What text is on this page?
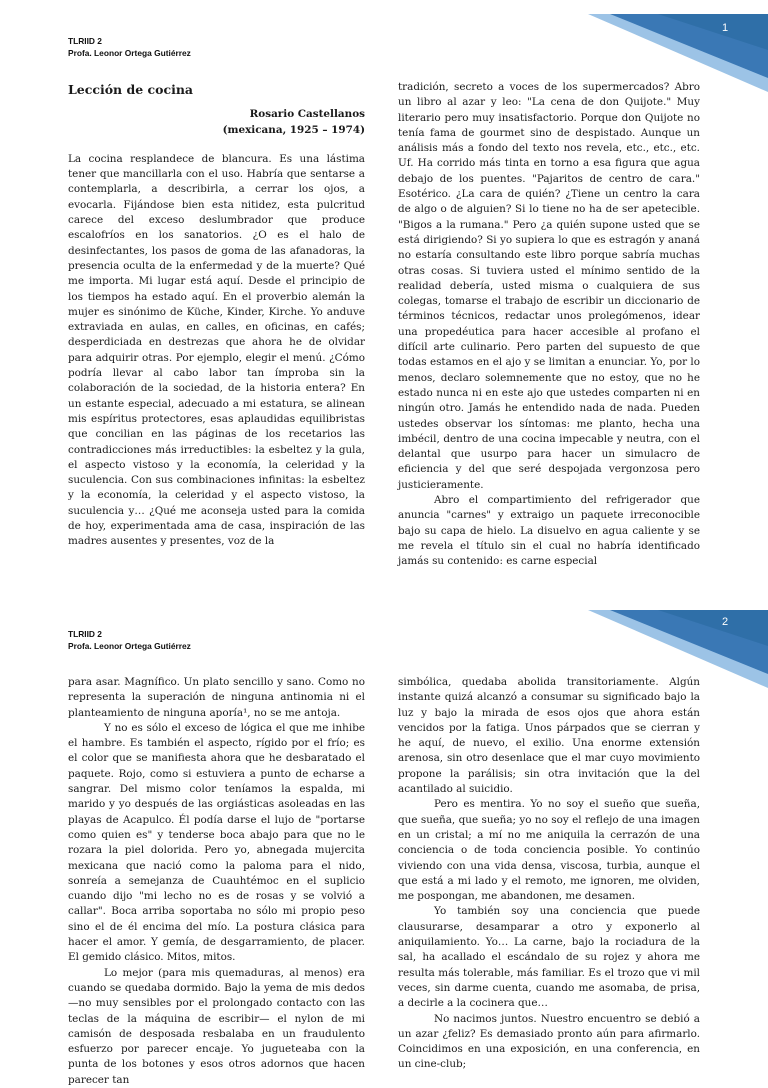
1
TLRIID 2
Profa. Leonor Ortega Gutiérrez
Lección de cocina
Rosario Castellanos
(mexicana, 1925 – 1974)

La cocina resplandece de blancura. Es una lástima tener que mancillarla con el uso. Habría que sentarse a contemplarla, a describirla, a cerrar los ojos, a evocarla. Fijándose bien esta nitidez, esta pulcritud carece del exceso deslumbrador que produce escalofríos en los sanatorios. ¿O es el halo de desinfectantes, los pasos de goma de las afanadoras, la presencia oculta de la enfermedad y de la muerte? Qué me importa. Mi lugar está aquí. Desde el principio de los tiempos ha estado aquí. En el proverbio alemán la mujer es sinónimo de Küche, Kinder, Kirche. Yo anduve extraviada en aulas, en calles, en oficinas, en cafés; desperdiciada en destrezas que ahora he de olvidar para adquirir otras. Por ejemplo, elegir el menú. ¿Cómo podría llevar al cabo labor tan ímproba sin la colaboración de la sociedad, de la historia entera? En un estante especial, adecuado a mi estatura, se alinean mis espíritus protectores, esas aplaudidas equilibristas que concilian en las páginas de los recetarios las contradicciones más irreductibles: la esbeltez y la gula, el aspecto vistoso y la economía, la celeridad y la suculencia. Con sus combinaciones infinitas: la esbeltez y la economía, la celeridad y el aspecto vistoso, la suculencia y… ¿Qué me aconseja usted para la comida de hoy, experimentada ama de casa, inspiración de las madres ausentes y presentes, voz de la

tradición, secreto a voces de los supermercados? Abro un libro al azar y leo: "La cena de don Quijote." Muy literario pero muy insatisfactorio. Porque don Quijote no tenía fama de gourmet sino de despistado. Aunque un análisis más a fondo del texto nos revela, etc., etc., etc. Uf. Ha corrido más tinta en torno a esa figura que agua debajo de los puentes. "Pajaritos de centro de cara." Esotérico. ¿La cara de quién? ¿Tiene un centro la cara de algo o de alguien? Si lo tiene no ha de ser apetecible. "Bigos a la rumana." Pero ¿a quién supone usted que se está dirigiendo? Si yo supiera lo que es estragón y ananá no estaría consultando este libro porque sabría muchas otras cosas. Si tuviera usted el mínimo sentido de la realidad debería, usted misma o cualquiera de sus colegas, tomarse el trabajo de escribir un diccionario de términos técnicos, redactar unos prolegómenos, idear una propedéutica para hacer accesible al profano el difícil arte culinario. Pero parten del supuesto de que todas estamos en el ajo y se limitan a enunciar. Yo, por lo menos, declaro solemnemente que no estoy, que no he estado nunca ni en este ajo que ustedes comparten ni en ningún otro. Jamás he entendido nada de nada. Pueden ustedes observar los síntomas: me planto, hecha una imbécil, dentro de una cocina impecable y neutra, con el delantal que usurpo para hacer un simulacro de eficiencia y del que seré despojada vergonzosa pero justicieramente.

Abro el compartimiento del refrigerador que anuncia "carnes" y extraigo un paquete irreconocible bajo su capa de hielo. La disuelvo en agua caliente y se me revela el título sin el cual no habría identificado jamás su contenido: es carne especial

2
TLRIID 2
Profa. Leonor Ortega Gutiérrez

para asar. Magnífico. Un plato sencillo y sano. Como no representa la superación de ninguna antinomia ni el planteamiento de ninguna aporía¹, no se me antoja.

Y no es sólo el exceso de lógica el que me inhibe el hambre. Es también el aspecto, rígido por el frío; es el color que se manifiesta ahora que he desbaratado el paquete. Rojo, como si estuviera a punto de echarse a sangrar. Del mismo color teníamos la espalda, mi marido y yo después de las orgiásticas asoleadas en las playas de Acapulco. Él podía darse el lujo de "portarse como quien es" y tenderse boca abajo para que no le rozara la piel dolorida. Pero yo, abnegada mujercita mexicana que nació como la paloma para el nido, sonreía a semejanza de Cuauhtémoc en el suplicio cuando dijo "mi lecho no es de rosas y se volvió a callar". Boca arriba soportaba no sólo mi propio peso sino el de él encima del mío. La postura clásica para hacer el amor. Y gemía, de desgarramiento, de placer. El gemido clásico. Mitos, mitos.

Lo mejor (para mis quemaduras, al menos) era cuando se quedaba dormido. Bajo la yema de mis dedos —no muy sensibles por el prolongado contacto con las teclas de la máquina de escribir— el nylon de mi camisón de desposada resbalaba en un fraudulento esfuerzo por parecer encaje. Yo jugueteaba con la punta de los botones y esos otros adornos que hacen parecer tan

simbólica, quedaba abolida transitoriamente. Algún instante quizá alcanzó a consumar su significado bajo la luz y bajo la mirada de esos ojos que ahora están vencidos por la fatiga. Unos párpados que se cierran y he aquí, de nuevo, el exilio. Una enorme extensión arenosa, sin otro desenlace que el mar cuyo movimiento propone la parálisis; sin otra invitación que la del acantilado al suicidio.

Pero es mentira. Yo no soy el sueño que sueña, que sueña, que sueña; yo no soy el reflejo de una imagen en un cristal; a mí no me aniquila la cerrazón de una conciencia o de toda conciencia posible. Yo continúo viviendo con una vida densa, viscosa, turbia, aunque el que está a mi lado y el remoto, me ignoren, me olviden, me pospongan, me abandonen, me desamen.

Yo también soy una conciencia que puede clausurarse, desamparar a otro y exponerlo al aniquilamiento. Yo… La carne, bajo la rociadura de la sal, ha acallado el escándalo de su rojez y ahora me resulta más tolerable, más familiar. Es el trozo que vi mil veces, sin darme cuenta, cuando me asomaba, de prisa, a decirle a la cocinera que…

No nacimos juntos. Nuestro encuentro se debió a un azar ¿feliz? Es demasiado pronto aún para afirmarlo. Coincidimos en una exposición, en una conferencia, en un cine-club;
